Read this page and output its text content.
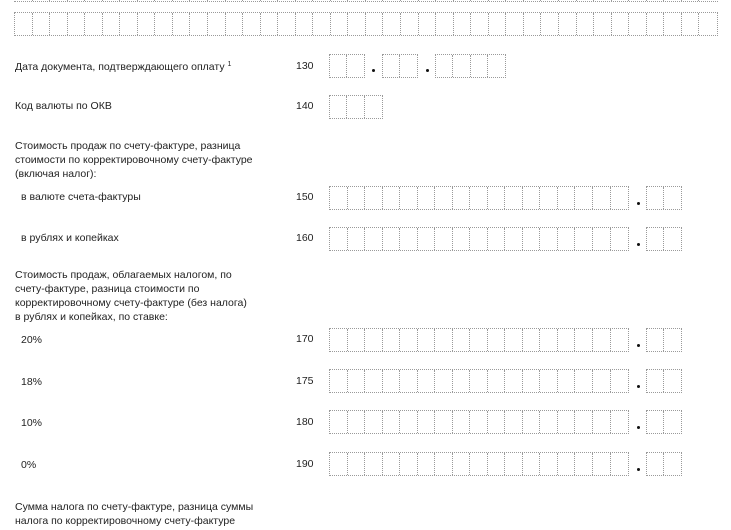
Дата документа, подтверждающего оплату $^1$	130
Код валюты по ОКВ	140
Стоимость продаж по счету-фактуре, разница
стоимости по корректировочному счету-фактуре
(включая налог):
в валюте счета-фактуры	150
в рублях и копейках	160
Стоимость продаж, облагаемых налогом, по
счету-фактуре, разница стоимости по
корректировочному счету-фактуре (без налога)
в рублях и копейках, по ставке:
20%	170
18%	175
10%	180
0%	190
Сумма налога по счету-фактуре, разница суммы
налога по корректировочному счету-фактуре
